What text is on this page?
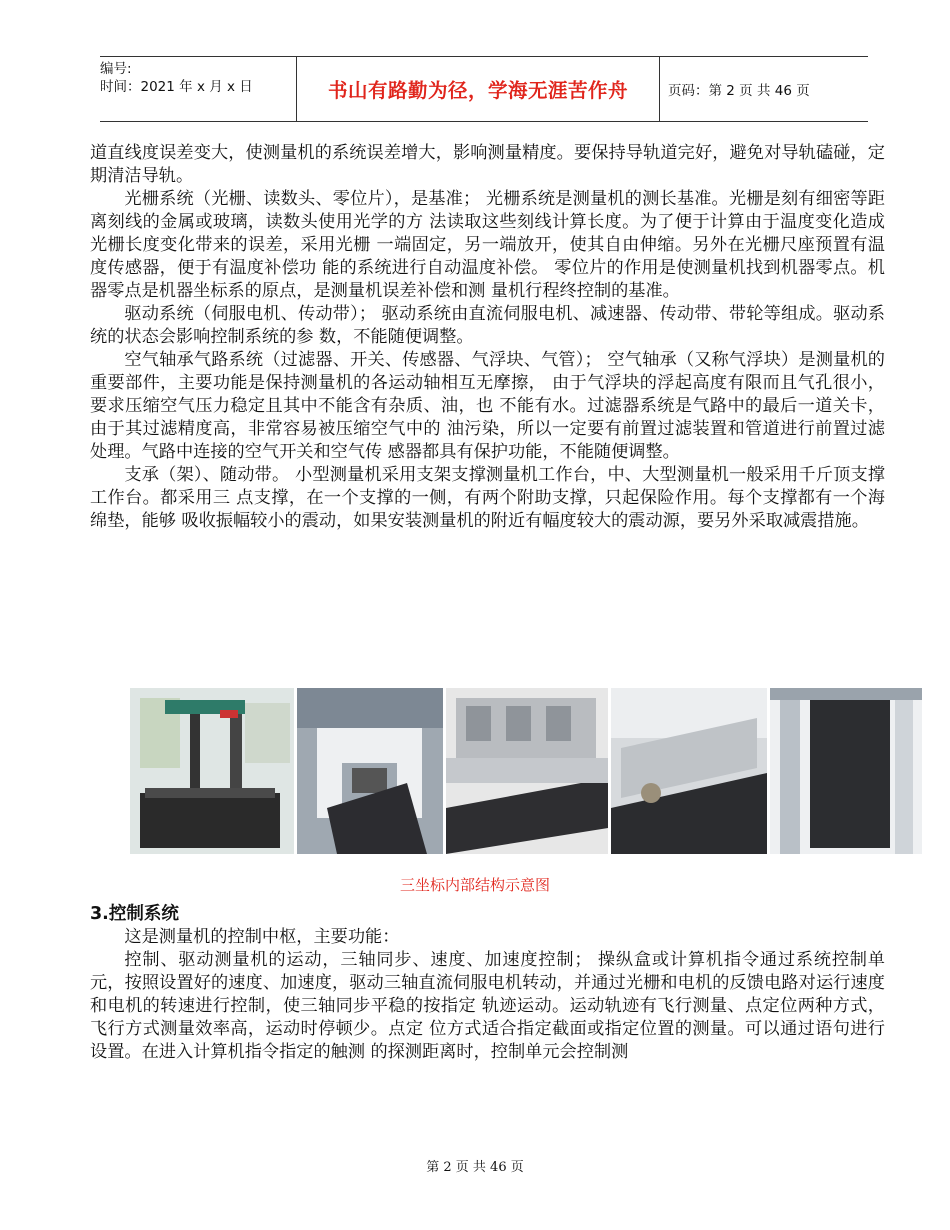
编号:
时间：2021 年 x 月 x 日	书山有路勤为径，学海无涯苦作舟	页码：第 2 页 共 46 页

道直线度误差变大，使测量机的系统误差增大，影响测量精度。要保持导轨道完好，避免对导轨磕碰，定期清洁导轨。

光栅系统（光栅、读数头、零位片），是基准； 光栅系统是测量机的测长基准。光栅是刻有细密等距离刻线的金属或玻璃，读数头使用光学的方 法读取这些刻线计算长度。为了便于计算由于温度变化造成光栅长度变化带来的误差，采用光栅 一端固定，另一端放开，使其自由伸缩。另外在光栅尺座预置有温度传感器，便于有温度补偿功 能的系统进行自动温度补偿。 零位片的作用是使测量机找到机器零点。机器零点是机器坐标系的原点，是测量机误差补偿和测 量机行程终控制的基准。

驱动系统（伺服电机、传动带）； 驱动系统由直流伺服电机、减速器、传动带、带轮等组成。驱动系统的状态会影响控制系统的参 数，不能随便调整。

空气轴承气路系统（过滤器、开关、传感器、气浮块、气管）； 空气轴承（又称气浮块）是测量机的重要部件，主要功能是保持测量机的各运动轴相互无摩擦， 由于气浮块的浮起高度有限而且气孔很小，要求压缩空气压力稳定且其中不能含有杂质、油，也 不能有水。过滤器系统是气路中的最后一道关卡，由于其过滤精度高，非常容易被压缩空气中的 油污染，所以一定要有前置过滤装置和管道进行前置过滤处理。气路中连接的空气开关和空气传 感器都具有保护功能，不能随便调整。

支承（架）、随动带。 小型测量机采用支架支撑测量机工作台，中、大型测量机一般采用千斤顶支撑工作台。都采用三 点支撑，在一个支撑的一侧，有两个附助支撑，只起保险作用。每个支撑都有一个海绵垫，能够 吸收振幅较小的震动，如果安装测量机的附近有幅度较大的震动源，要另外采取减震措施。

三坐标内部结构示意图
3.控制系统

这是测量机的控制中枢，主要功能：

控制、驱动测量机的运动，三轴同步、速度、加速度控制； 操纵盒或计算机指令通过系统控制单元，按照设置好的速度、加速度，驱动三轴直流伺服电机转动，并通过光栅和电机的反馈电路对运行速度和电机的转速进行控制，使三轴同步平稳的按指定 轨迹运动。运动轨迹有飞行测量、点定位两种方式，飞行方式测量效率高，运动时停顿少。点定 位方式适合指定截面或指定位置的测量。可以通过语句进行设置。在进入计算机指令指定的触测 的探测距离时，控制单元会控制测

第 2 页 共 46 页
